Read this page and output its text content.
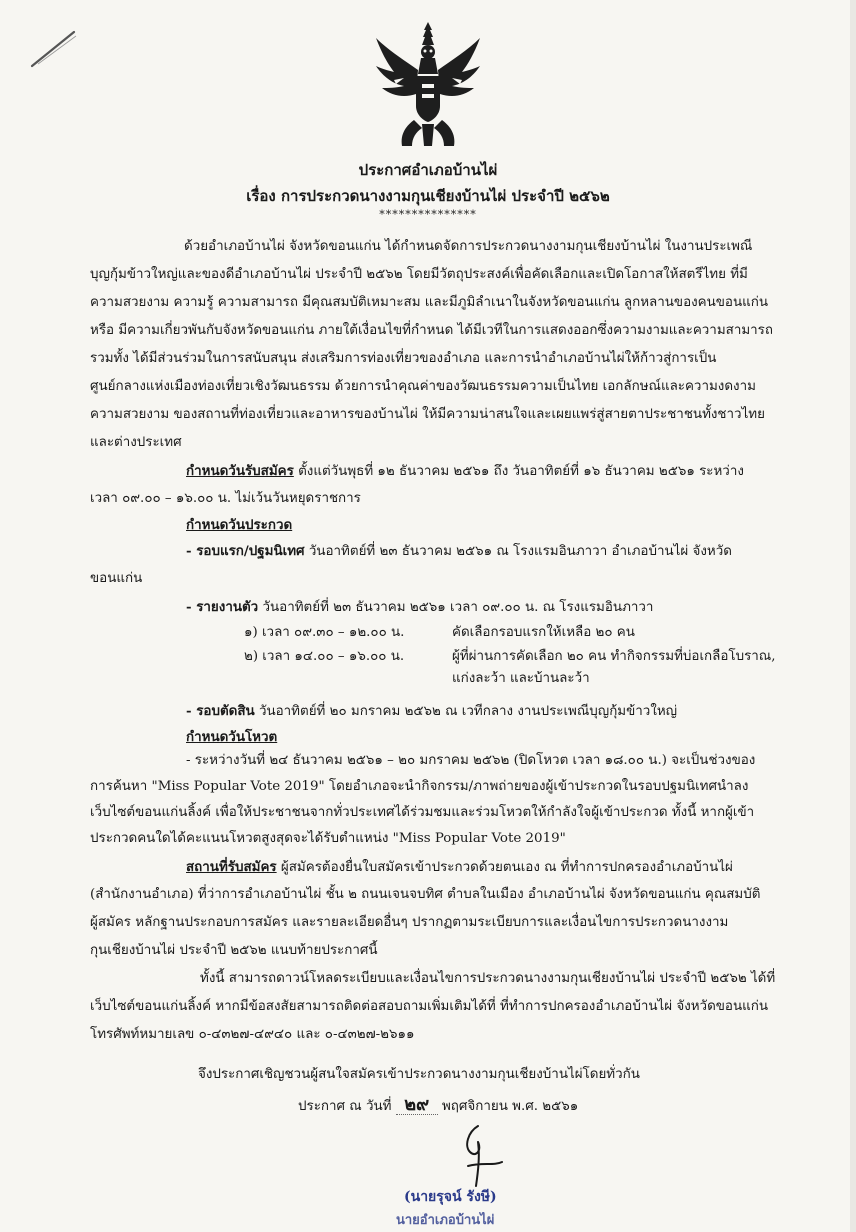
ประกาศอำเภอบ้านไผ่
เรื่อง การประกวดนางงามกุนเชียงบ้านไผ่ ประจำปี ๒๕๖๒
***************
ด้วยอำเภอบ้านไผ่ จังหวัดขอนแก่น ได้กำหนดจัดการประกวดนางงามกุนเชียงบ้านไผ่ ในงานประเพณี
บุญกุ้มข้าวใหญ่และของดีอำเภอบ้านไผ่ ประจำปี ๒๕๖๒ โดยมีวัตถุประสงค์เพื่อคัดเลือกและเปิดโอกาสให้สตรีไทย ที่มี
ความสวยงาม ความรู้ ความสามารถ มีคุณสมบัติเหมาะสม และมีภูมิลำเนาในจังหวัดขอนแก่น ลูกหลานของคนขอนแก่น
หรือ มีความเกี่ยวพันกับจังหวัดขอนแก่น ภายใต้เงื่อนไขที่กำหนด ได้มีเวทีในการแสดงออกซึ่งความงามและความสามารถ
รวมทั้ง ได้มีส่วนร่วมในการสนับสนุน ส่งเสริมการท่องเที่ยวของอำเภอ และการนำอำเภอบ้านไผ่ให้ก้าวสู่การเป็น
ศูนย์กลางแห่งเมืองท่องเที่ยวเชิงวัฒนธรรม ด้วยการนำคุณค่าของวัฒนธรรมความเป็นไทย เอกลักษณ์และความงดงาม
ความสวยงาม ของสถานที่ท่องเที่ยวและอาหารของบ้านไผ่ ให้มีความน่าสนใจและเผยแพร่สู่สายตาประชาชนทั้งชาวไทย
และต่างประเทศ
กำหนดวันรับสมัคร ตั้งแต่วันพุธที่ ๑๒ ธันวาคม ๒๕๖๑ ถึง วันอาทิตย์ที่ ๑๖ ธันวาคม ๒๕๖๑ ระหว่าง
เวลา ๐๙.๐๐ – ๑๖.๐๐ น. ไม่เว้นวันหยุดราชการ
กำหนดวันประกวด
- รอบแรก/ปฐมนิเทศ วันอาทิตย์ที่ ๒๓ ธันวาคม ๒๕๖๑ ณ โรงแรมอินภาวา อำเภอบ้านไผ่ จังหวัด
ขอนแก่น
- รายงานตัว วันอาทิตย์ที่ ๒๓ ธันวาคม ๒๕๖๑ เวลา ๐๙.๐๐ น. ณ โรงแรมอินภาวา
๑) เวลา ๐๙.๓๐ – ๑๒.๐๐ น.	คัดเลือกรอบแรกให้เหลือ ๒๐ คน
๒) เวลา ๑๔.๐๐ – ๑๖.๐๐ น.	ผู้ที่ผ่านการคัดเลือก ๒๐ คน ทำกิจกรรมที่บ่อเกลือโบราณ,
แก่งละว้า และบ้านละว้า
- รอบตัดสิน วันอาทิตย์ที่ ๒๐ มกราคม ๒๕๖๒ ณ เวทีกลาง งานประเพณีบุญกุ้มข้าวใหญ่
กำหนดวันโหวต
- ระหว่างวันที่ ๒๔ ธันวาคม ๒๕๖๑ – ๒๐ มกราคม ๒๕๖๒ (ปิดโหวต เวลา ๑๘.๐๐ น.) จะเป็นช่วงของ
การค้นหา "Miss Popular Vote 2019" โดยอำเภอจะนำกิจกรรม/ภาพถ่ายของผู้เข้าประกวดในรอบปฐมนิเทศนำลง
เว็บไซต์ขอนแก่นลิ้งค์ เพื่อให้ประชาชนจากทั่วประเทศได้ร่วมชมและร่วมโหวตให้กำลังใจผู้เข้าประกวด ทั้งนี้ หากผู้เข้า
ประกวดคนใดได้คะแนนโหวตสูงสุดจะได้รับตำแหน่ง "Miss Popular Vote 2019"
สถานที่รับสมัคร ผู้สมัครต้องยื่นใบสมัครเข้าประกวดด้วยตนเอง ณ ที่ทำการปกครองอำเภอบ้านไผ่
(สำนักงานอำเภอ) ที่ว่าการอำเภอบ้านไผ่ ชั้น ๒ ถนนเจนจบทิศ ตำบลในเมือง อำเภอบ้านไผ่ จังหวัดขอนแก่น คุณสมบัติ
ผู้สมัคร หลักฐานประกอบการสมัคร และรายละเอียดอื่นๆ ปรากฏตามระเบียบการและเงื่อนไขการประกวดนางงาม
กุนเชียงบ้านไผ่ ประจำปี ๒๕๖๒ แนบท้ายประกาศนี้
ทั้งนี้ สามารถดาวน์โหลดระเบียบและเงื่อนไขการประกวดนางงามกุนเชียงบ้านไผ่ ประจำปี ๒๕๖๒ ได้ที่
เว็บไซต์ขอนแก่นลิ้งค์ หากมีข้อสงสัยสามารถติดต่อสอบถามเพิ่มเติมได้ที่ ที่ทำการปกครองอำเภอบ้านไผ่ จังหวัดขอนแก่น
โทรศัพท์หมายเลข ๐-๔๓๒๗-๔๙๔๐ และ ๐-๔๓๒๗-๒๖๑๑
จึงประกาศเชิญชวนผู้สนใจสมัครเข้าประกวดนางงามกุนเชียงบ้านไผ่โดยทั่วกัน
ประกาศ ณ วันที่ ๒๙ พฤศจิกายน พ.ศ. ๒๕๖๑
(นายรุจน์ รังษี)
นายอำเภอบ้านไผ่
